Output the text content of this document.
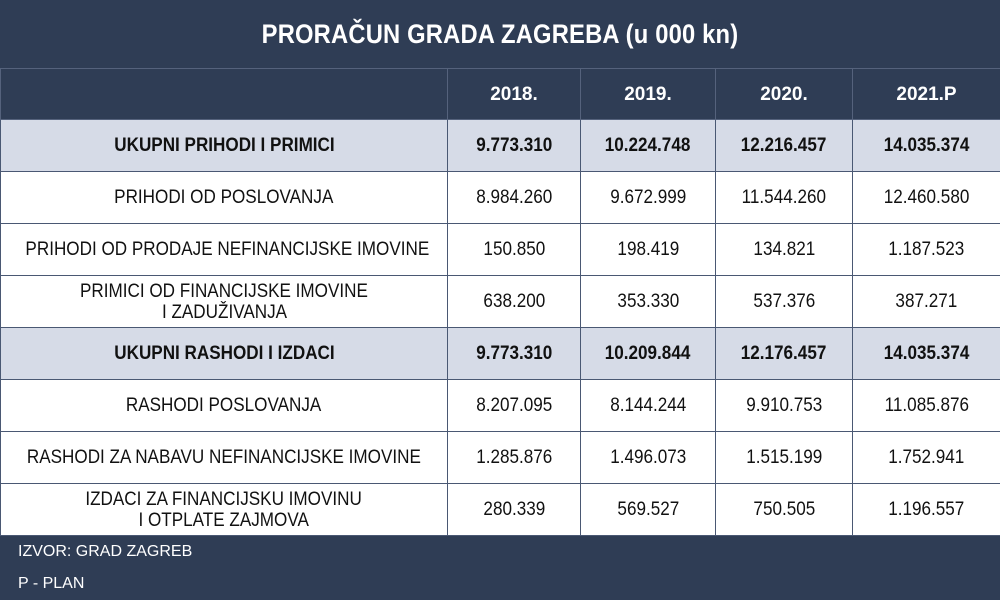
PRORAČUN GRADA ZAGREBA (u 000 kn)
	2018.	2019.	2020.	2021.P

UKUPNI PRIHODI I PRIMICI	9.773.310	10.224.748	12.216.457	14.035.374

PRIHODI OD POSLOVANJA	8.984.260	9.672.999	11.544.260	12.460.580

PRIHODI OD PRODAJE NEFINANCIJSKE IMOVINE	150.850	198.419	134.821	1.187.523

PRIMICI OD FINANCIJSKE IMOVINE
I ZADUŽIVANJA	638.200	353.330	537.376	387.271

UKUPNI RASHODI I IZDACI	9.773.310	10.209.844	12.176.457	14.035.374

RASHODI POSLOVANJA	8.207.095	8.144.244	9.910.753	11.085.876

RASHODI ZA NABAVU NEFINANCIJSKE IMOVINE	1.285.876	1.496.073	1.515.199	1.752.941

IZDACI ZA FINANCIJSKU IMOVINU
I OTPLATE ZAJMOVA	280.339	569.527	750.505	1.196.557
IZVOR: GRAD ZAGREB
P - PLAN
